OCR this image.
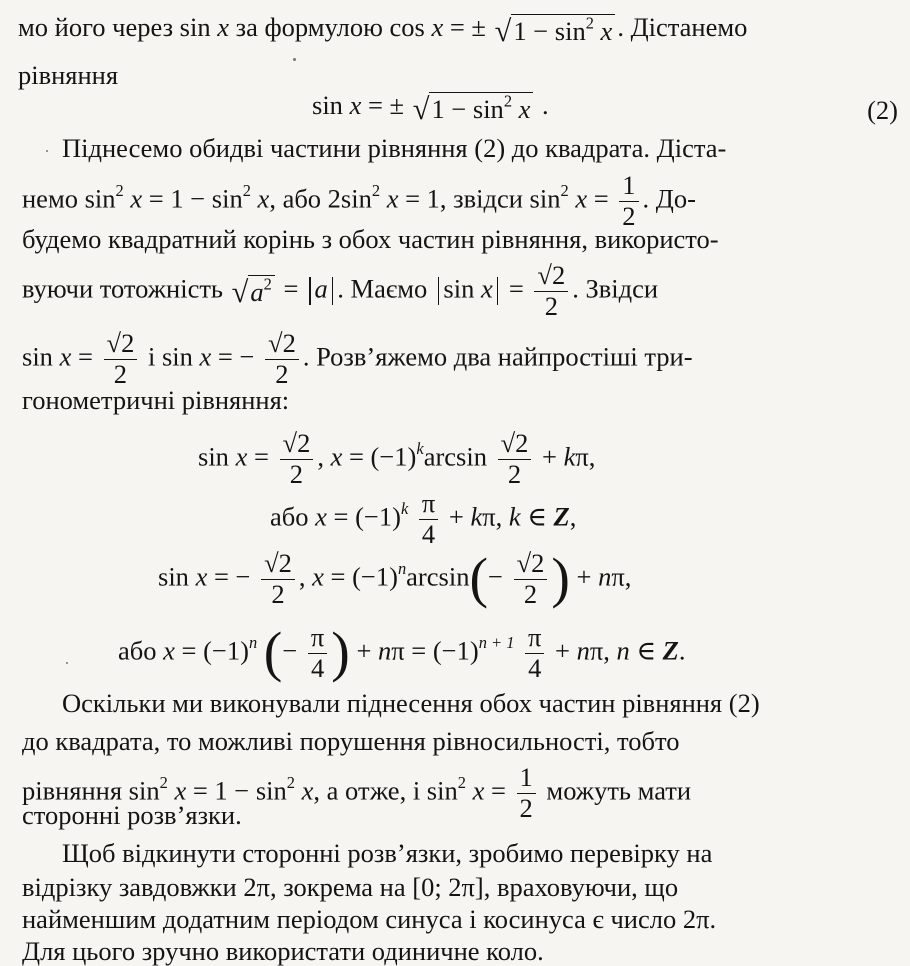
мо його через sin x за формулою cos x = ± √ $1 - \sin^2 x$ . Дістанемо
рівняння
sin x = ± √ $1 - \sin^2 x$ .	(2)
Піднесемо обидві частини рівняння (2) до квадрата. Діста-
немо $\sin^2 x = 1 - \sin^2 x$, або $2\sin^2$ x = 1, звідси $\sin^2 x = \frac{1}{2}$ . До-
будемо квадратний корінь з обох частин рівняння, використо-
вуючи тотожність √ $a^2 = a$ . Маємо $\sin x = \frac{√2}{2}$ . Звідси
$\sin x = \frac{√2}{2}$ і sin x = − $\frac{√2}{2}$ . Розв’яжемо два найпростіші три-
гонометричні рівняння:
$\sin x = \frac{√2}{2}$ , $x = (-1)^k\arcsin \frac{√2}{2} + k\pi$,
або $x = (-1)^k \frac{\pi}{4} + k\pi$, k ∈ Z,
sin x = − $\frac{√2}{2}$ , $x = (-1)^n\arcsin(- \frac{√2}{2}$ ) + nπ,
або $x = (-1)^n$ (− $\frac{\pi}{4}$ ) + $n\pi = (-1)^{n + 1} \frac{\pi}{4} + n\pi$, n ∈ Z.
Оскільки ми виконували піднесення обох частин рівняння (2)
до квадрата, то можливі порушення рівносильності, тобто
рівняння $\sin^2 x = 1 - \sin^2 x$, а отже, і $\sin^2 x = \frac{1}{2}$ можуть мати
сторонні розв’язки.
Щоб відкинути сторонні розв’язки, зробимо перевірку на
відрізку завдовжки 2π, зокрема на [0; 2π], враховуючи, що
найменшим додатним періодом синуса і косинуса є число 2π.
Для цього зручно використати одиничне коло.
